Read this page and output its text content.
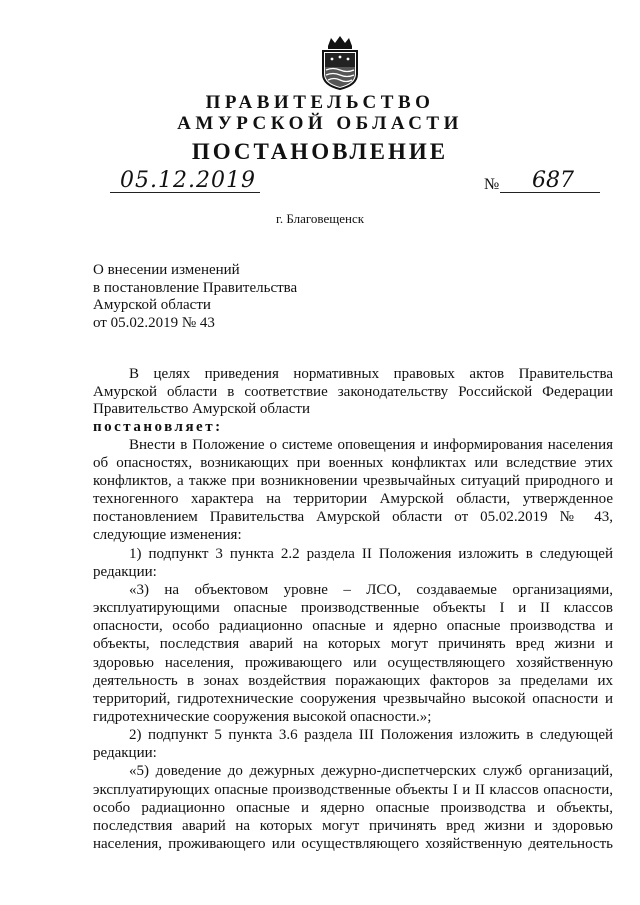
ПРАВИТЕЛЬСТВО
АМУРСКОЙ ОБЛАСТИ
ПОСТАНОВЛЕНИЕ
05.12.2019	№ 687
г. Благовещенск
О внесении изменений
в постановление Правительства
Амурской области
от 05.02.2019 № 43
В целях приведения нормативных правовых актов Правительства
Амурской области в соответствие законодательству Российской Федерации
Правительство Амурской области
постановляет:
Внести в Положение о системе оповещения и информирования населения
об опасностях, возникающих при военных конфликтах или вследствие этих
конфликтов, а также при возникновении чрезвычайных ситуаций природного и
техногенного характера на территории Амурской области, утвержденное
постановлением Правительства Амурской области от 05.02.2019 № 43,
следующие изменения:
1) подпункт 3 пункта 2.2 раздела II Положения изложить в следующей
редакции:
«3) на объектовом уровне – ЛСО, создаваемые организациями,
эксплуатирующими опасные производственные объекты I и II классов
опасности, особо радиационно опасные и ядерно опасные производства и
объекты, последствия аварий на которых могут причинять вред жизни и
здоровью населения, проживающего или осуществляющего хозяйственную
деятельность в зонах воздействия поражающих факторов за пределами их
территорий, гидротехнические сооружения чрезвычайно высокой опасности и
гидротехнические сооружения высокой опасности.»;
2) подпункт 5 пункта 3.6 раздела III Положения изложить в следующей
редакции:
«5) доведение до дежурных дежурно-диспетчерских служб организаций,
эксплуатирующих опасные производственные объекты I и II классов опасности,
особо радиационно опасные и ядерно опасные производства и объекты,
последствия аварий на которых могут причинять вред жизни и здоровью
населения, проживающего или осуществляющего хозяйственную деятельность
